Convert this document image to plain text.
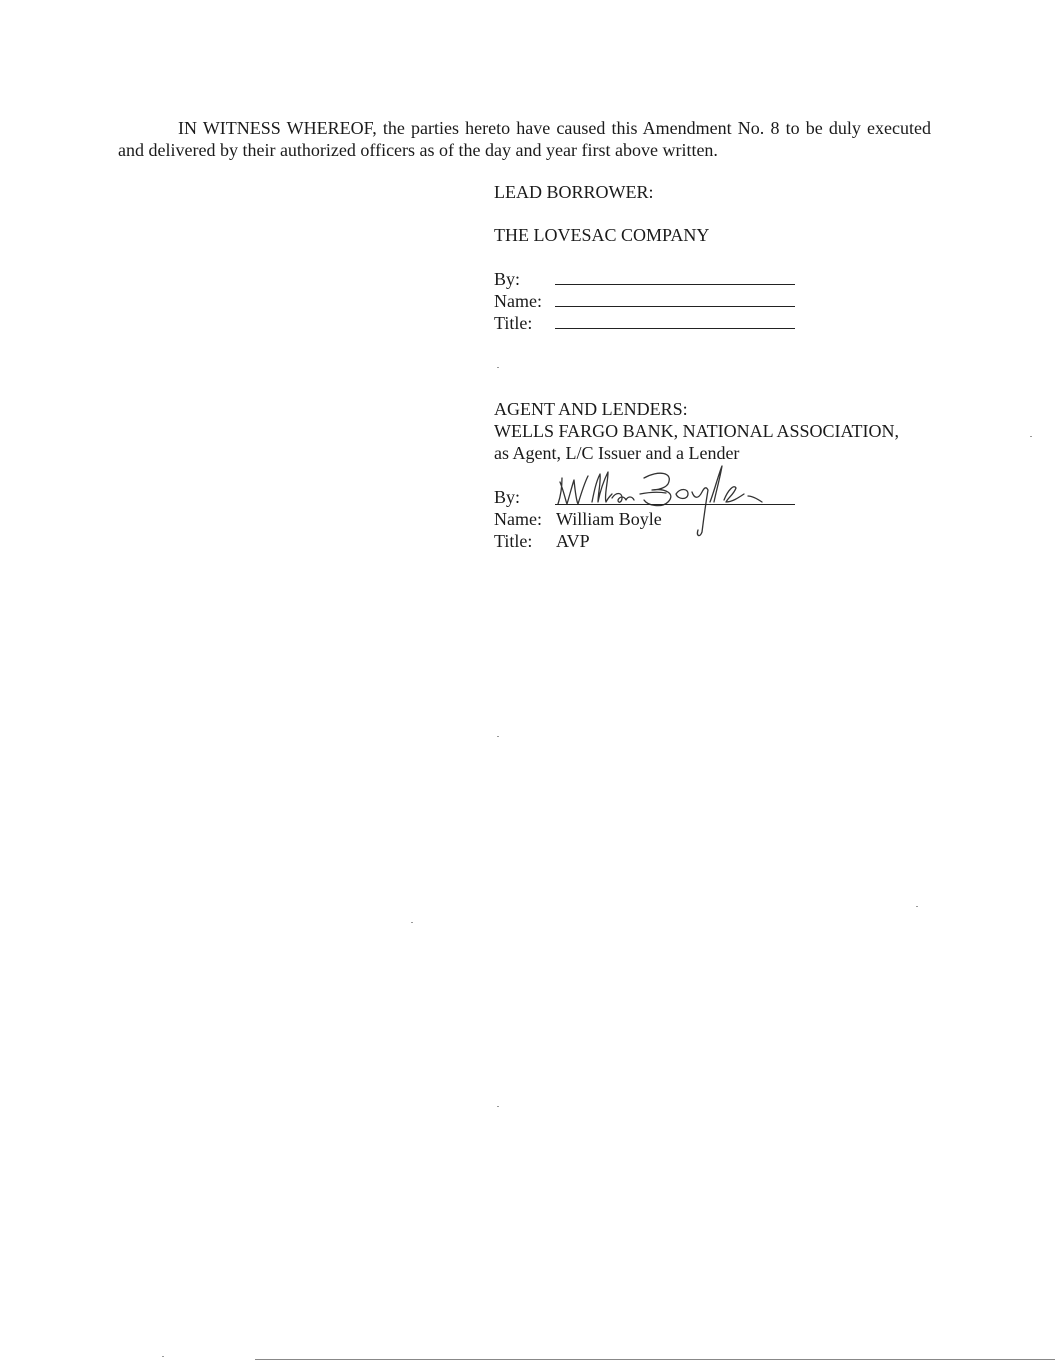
IN WITNESS WHEREOF, the parties hereto have caused this Amendment No. 8 to be duly executed and delivered by their authorized officers as of the day and year first above written.
LEAD BORROWER:
THE LOVESAC COMPANY
By:
Name:
Title:
AGENT AND LENDERS:
WELLS FARGO BANK, NATIONAL ASSOCIATION,
as Agent, L/C Issuer and a Lender
By:
Name: William Boyle
Title: AVP
